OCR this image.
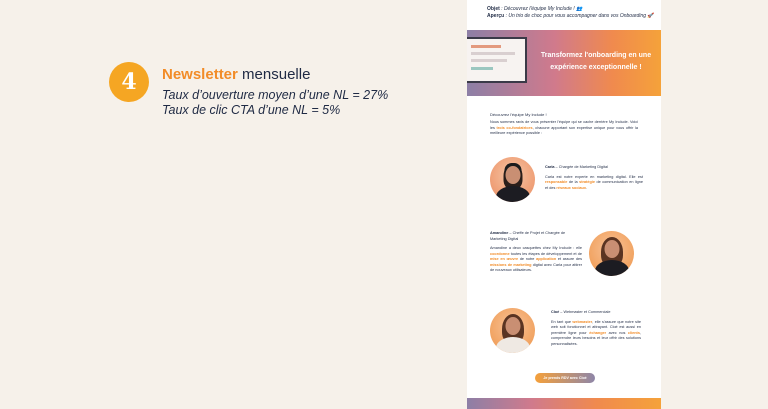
4	Newsletter mensuelle
Taux d’ouverture moyen d’une NL = 27%
Taux de clic CTA d’une NL = 5%
Objet : Découvrez l'équipe My Include ! 👥
Aperçu : Un trio de choc pour vous accompagner dans vos Onboarding 🚀
Transformez l'onboarding en une expérience exceptionnelle !
Découvrez l'équipe My Include !
Nous sommes ravis de vous présenter l'équipe qui se cache derrière My Include. Voici les trois co-fondatrices, chacune apportant son expertise unique pour vous offrir la meilleure expérience possible :
Carla – Chargée de Marketing Digital
Carla est notre experte en marketing digital. Elle est responsable de la stratégie de communication en ligne et des réseaux sociaux.
Amandine – Cheffe de Projet et Chargée de Marketing Digital
Amandine a deux casquettes chez My Include : elle coordonne toutes les étapes de développement et de mise en œuvre de notre application et assure des missions de marketing digital avec Carla pour attirer de nouveaux utilisateurs.
Cloé – Webmaster et Commerciale
En tant que webmaster, elle s'assure que notre site web soit fonctionnel et attrayant. Cloé est aussi en première ligne pour échanger avec nos clients, comprendre leurs besoins et leur offrir des solutions personnalisées.
Je prends RDV avec Cloé
